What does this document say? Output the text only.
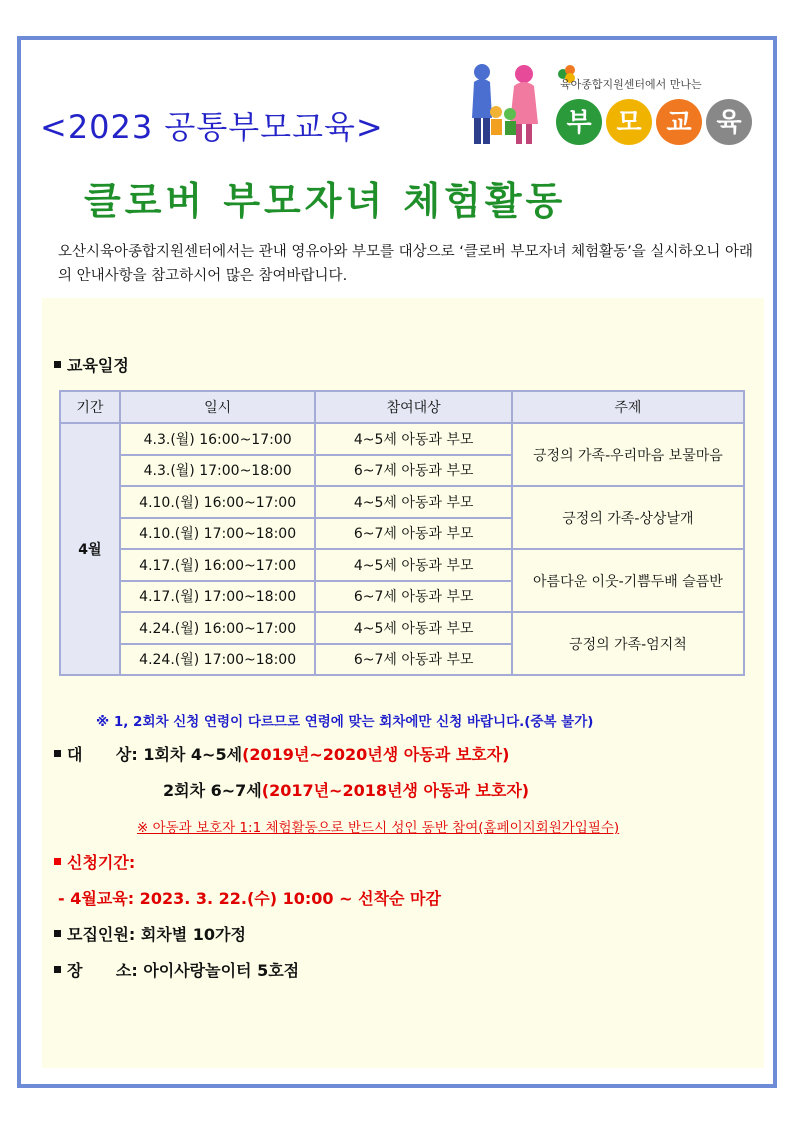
<2023 공통부모교육>	부 모 교 육
육아종합지원센터에서 만나는
클로버 부모자녀 체험활동
오산시육아종합지원센터에서는 관내 영유아와 부모를 대상으로 ‘클로버 부모자녀 체험활동’을 실시하오니 아래의 안내사항을 참고하시어 많은 참여바랍니다.
교육일정
기간	일시	참여대상	주제
4월	4.3.(월) 16:00~17:00	4~5세 아동과 부모	긍정의 가족-우리마음 보물마음
	4.3.(월) 17:00~18:00	6~7세 아동과 부모	
	4.10.(월) 16:00~17:00	4~5세 아동과 부모	긍정의 가족-상상날개
	4.10.(월) 17:00~18:00	6~7세 아동과 부모	
	4.17.(월) 16:00~17:00	4~5세 아동과 부모	아름다운 이웃-기쁨두배 슬픔반
	4.17.(월) 17:00~18:00	6~7세 아동과 부모	
	4.24.(월) 16:00~17:00	4~5세 아동과 부모	긍정의 가족-엄지척
	4.24.(월) 17:00~18:00	6~7세 아동과 부모	
※ 1, 2회차 신청 연령이 다르므로 연령에 맞는 회차에만 신청 바랍니다.(중복 불가)
대      상: 1회차 4~5세(2019년~2020년생 아동과 보호자)
2회차 6~7세(2017년~2018년생 아동과 보호자)
※ 아동과 보호자 1:1 체험활동으로 반드시 성인 동반 참여(홈페이지회원가입필수)
신청기간:
- 4월교육: 2023. 3. 22.(수) 10:00 ~ 선착순 마감
모집인원: 회차별 10가정
장      소: 아이사랑놀이터 5호점
